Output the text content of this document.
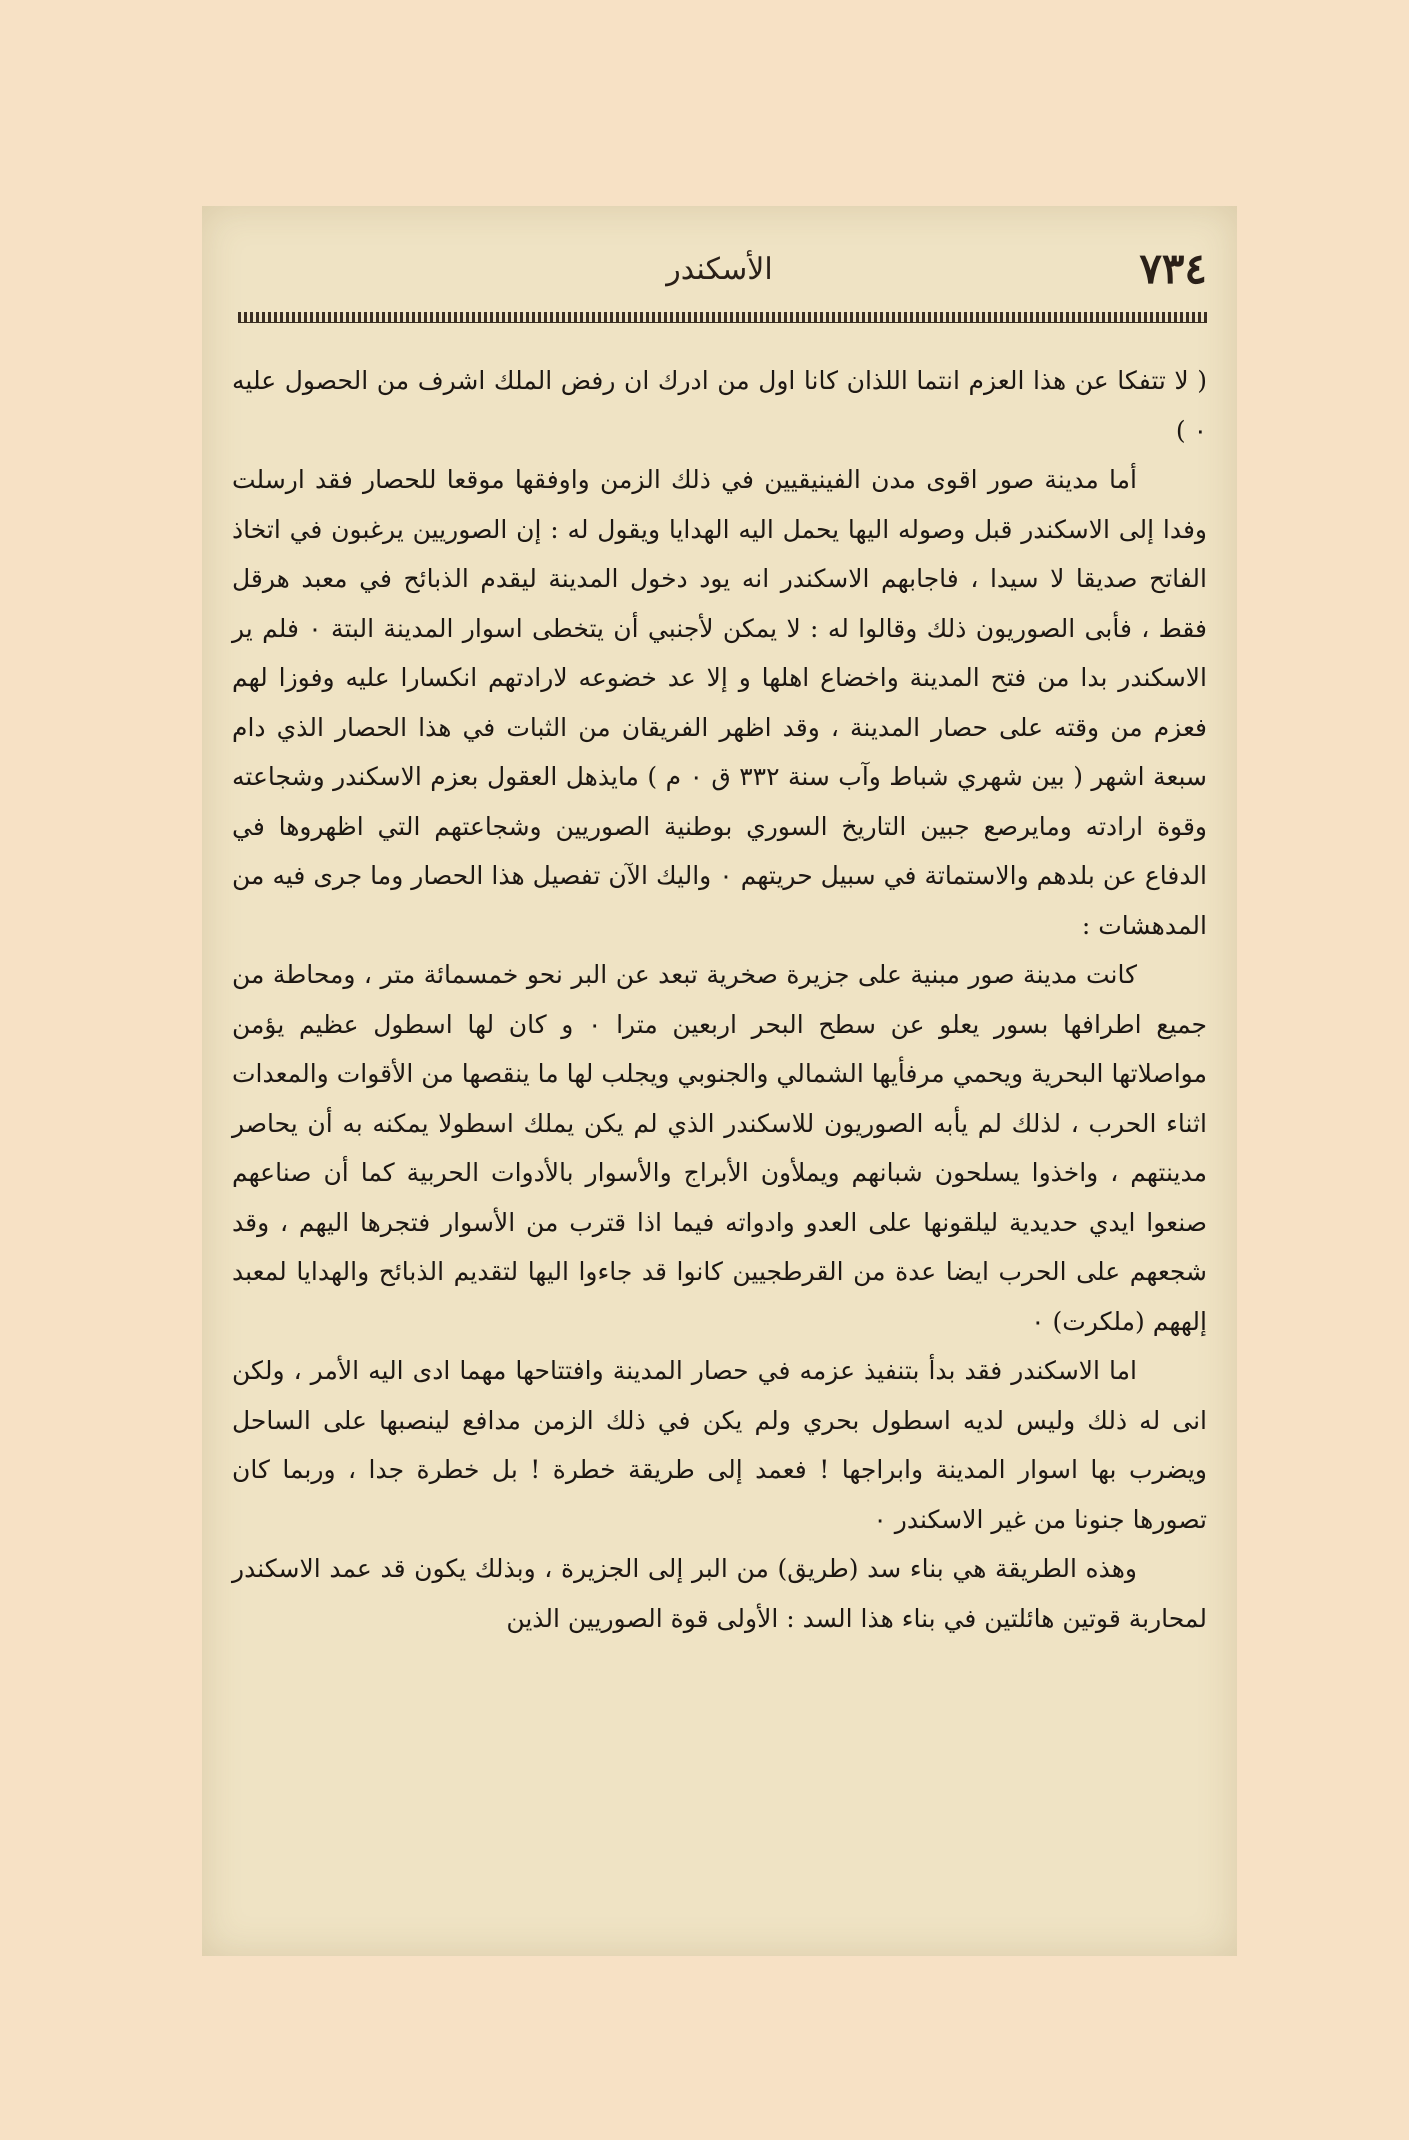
٧٣٤
الأسكندر

( لا تتفكا عن هذا العزم انتما اللذان كانا اول من ادرك ان رفض الملك اشرف من الحصول عليه ٠ )

أما مدينة صور اقوى مدن الفينيقيين في ذلك الزمن واوفقها موقعا للحصار فقد ارسلت وفدا إلى الاسكندر قبل وصوله اليها يحمل اليه الهدايا ويقول له : إن الصوريين يرغبون في اتخاذ الفاتح صديقا لا سيدا ، فاجابهم الاسكندر انه يود دخول المدينة ليقدم الذبائح في معبد هرقل فقط ، فأبى الصوريون ذلك وقالوا له : لا يمكن لأجنبي أن يتخطى اسوار المدينة البتة ٠ فلم ير الاسكندر بدا من فتح المدينة واخضاع اهلها و إلا عد خضوعه لارادتهم انكسارا عليه وفوزا لهم فعزم من وقته على حصار المدينة ، وقد اظهر الفريقان من الثبات في هذا الحصار الذي دام سبعة اشهر ( بين شهري شباط وآب سنة ٣٣٢ ق ٠ م ) مايذهل العقول بعزم الاسكندر وشجاعته وقوة ارادته ومايرصع جبين التاريخ السوري بوطنية الصوريين وشجاعتهم التي اظهروها في الدفاع عن بلدهم والاستماتة في سبيل حريتهم ٠ واليك الآن تفصيل هذا الحصار وما جرى فيه من المدهشات :

كانت مدينة صور مبنية على جزيرة صخرية تبعد عن البر نحو خمسمائة متر ، ومحاطة من جميع اطرافها بسور يعلو عن سطح البحر اربعين مترا ٠ و كان لها اسطول عظيم يؤمن مواصلاتها البحرية ويحمي مرفأيها الشمالي والجنوبي ويجلب لها ما ينقصها من الأقوات والمعدات اثناء الحرب ، لذلك لم يأبه الصوريون للاسكندر الذي لم يكن يملك اسطولا يمكنه به أن يحاصر مدينتهم ، واخذوا يسلحون شبانهم ويملأون الأبراج والأسوار بالأدوات الحربية كما أن صناعهم صنعوا ايدي حديدية ليلقونها على العدو وادواته فيما اذا قترب من الأسوار فتجرها اليهم ، وقد شجعهم على الحرب ايضا عدة من القرطجيين كانوا قد جاءوا اليها لتقديم الذبائح والهدايا لمعبد إلههم (ملكرت) ٠

اما الاسكندر فقد بدأ بتنفيذ عزمه في حصار المدينة وافتتاحها مهما ادى اليه الأمر ، ولكن انى له ذلك وليس لديه اسطول بحري ولم يكن في ذلك الزمن مدافع لينصبها على الساحل ويضرب بها اسوار المدينة وابراجها ! فعمد إلى طريقة خطرة ! بل خطرة جدا ، وربما كان تصورها جنونا من غير الاسكندر ٠

وهذه الطريقة هي بناء سد (طريق) من البر إلى الجزيرة ، وبذلك يكون قد عمد الاسكندر لمحاربة قوتين هائلتين في بناء هذا السد : الأولى قوة الصوريين الذين
